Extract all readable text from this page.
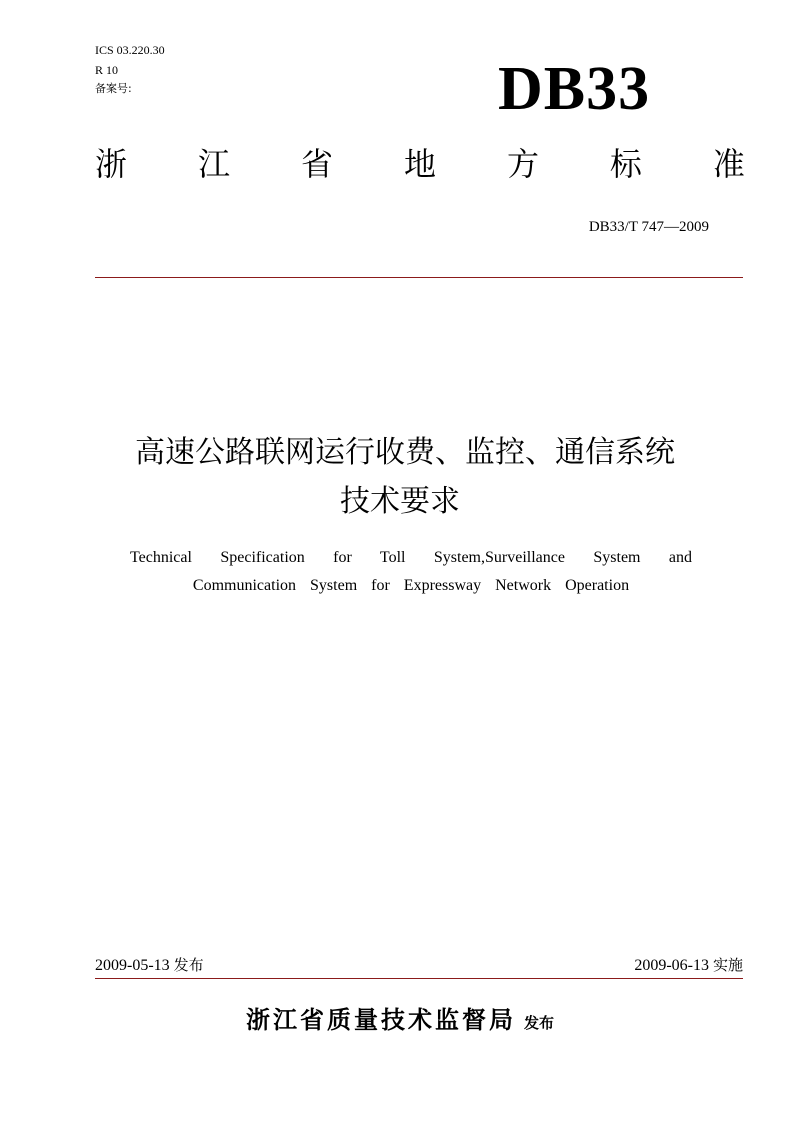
ICS 03.220.30
R 10
备案号:	DB33
浙 江 省 地 方 标 准
DB33/T 747—2009
高速公路联网运行收费、监控、通信系统
技术要求
Technical Specification for Toll System,Surveillance System and
Communication System for Expressway Network Operation
2009-05-13 发布	2009-06-13 实施
浙江省质量技术监督局 发布
